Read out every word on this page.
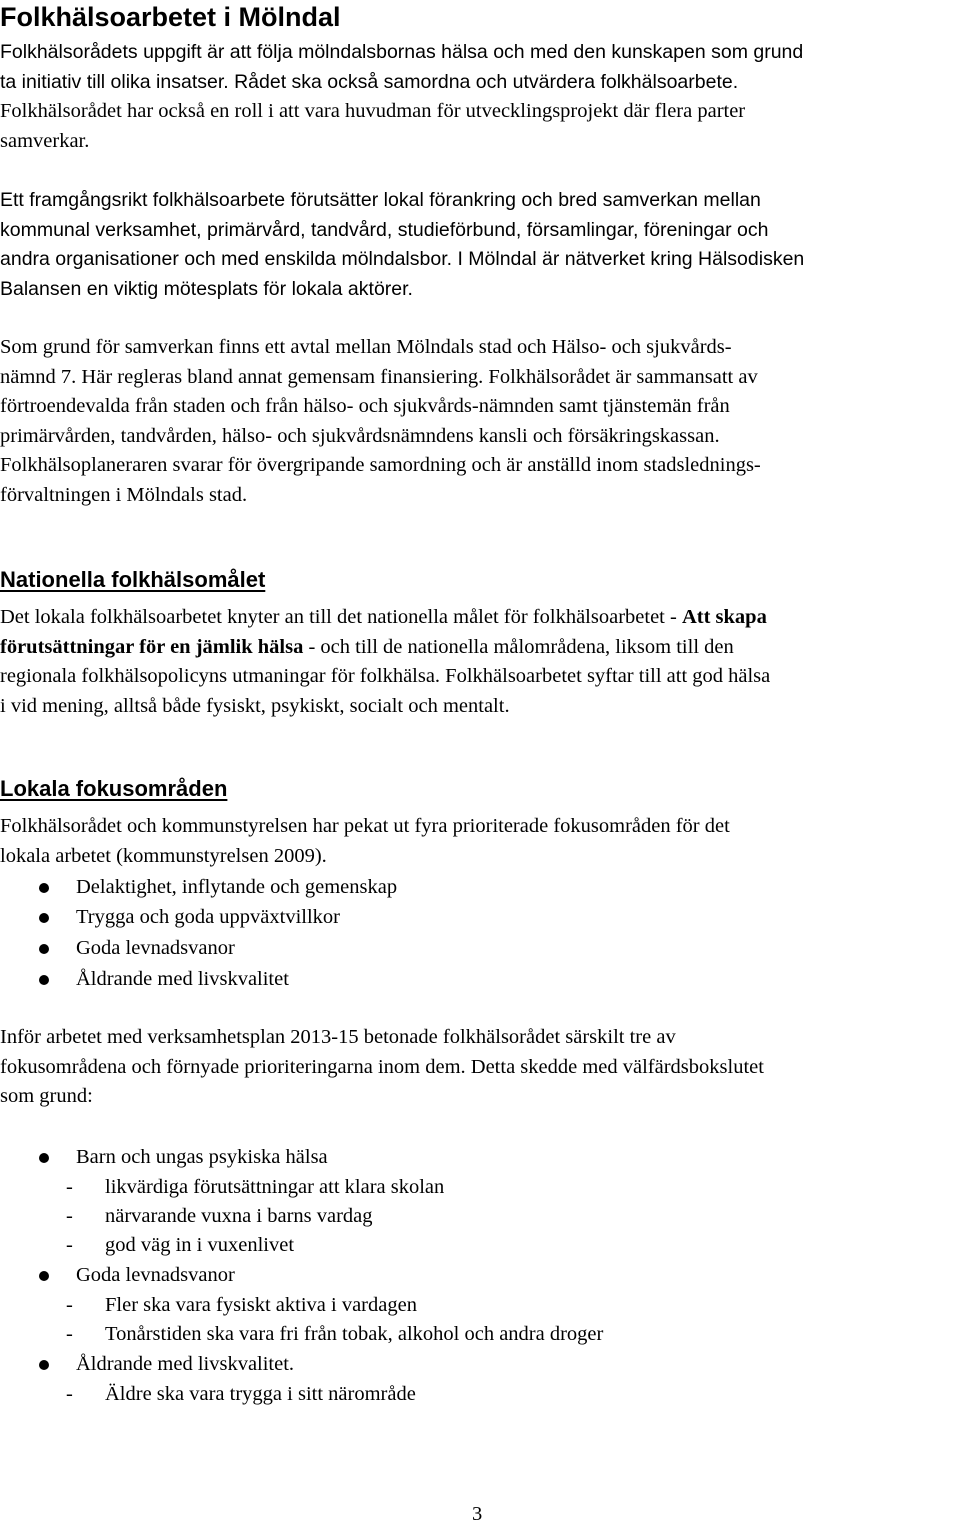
Folkhälsoarbetet i Mölndal
Folkhälsorådets uppgift är att följa mölndalsbornas hälsa och med den kunskapen som grund
ta initiativ till olika insatser. Rådet ska också samordna och utvärdera folkhälsoarbete.
Folkhälsorådet har också en roll i att vara huvudman för utvecklingsprojekt där flera parter
samverkar.
Ett framgångsrikt folkhälsoarbete förutsätter lokal förankring och bred samverkan mellan
kommunal verksamhet, primärvård, tandvård, studieförbund, församlingar, föreningar och
andra organisationer och med enskilda mölndalsbor. I Mölndal är nätverket kring Hälsodisken
Balansen en viktig mötesplats för lokala aktörer.
Som grund för samverkan finns ett avtal mellan Mölndals stad och Hälso- och sjukvårds-
nämnd 7. Här regleras bland annat gemensam finansiering. Folkhälsorådet är sammansatt av
förtroendevalda från staden och från hälso- och sjukvårds-nämnden samt tjänstemän från
primärvården, tandvården, hälso- och sjukvårdsnämndens kansli och försäkringskassan.
Folkhälsoplaneraren svarar för övergripande samordning och är anställd inom stadslednings-
förvaltningen i Mölndals stad.
Nationella folkhälsomålet
Det lokala folkhälsoarbetet knyter an till det nationella målet för folkhälsoarbetet - Att skapa
förutsättningar för en jämlik hälsa - och till de nationella målområdena, liksom till den
regionala folkhälsopolicyns utmaningar för folkhälsa. Folkhälsoarbetet syftar till att god hälsa
i vid mening, alltså både fysiskt, psykiskt, socialt och mentalt.
Lokala fokusområden
Folkhälsorådet och kommunstyrelsen har pekat ut fyra prioriterade fokusområden för det
lokala arbetet (kommunstyrelsen 2009).
Delaktighet, inflytande och gemenskap
Trygga och goda uppväxtvillkor
Goda levnadsvanor
Åldrande med livskvalitet
Inför arbetet med verksamhetsplan 2013-15 betonade folkhälsorådet särskilt tre av
fokusområdena och förnyade prioriteringarna inom dem. Detta skedde med välfärdsbokslutet
som grund:
Barn och ungas psykiska hälsa
- likvärdiga förutsättningar att klara skolan
- närvarande vuxna i barns vardag
- god väg in i vuxenlivet
Goda levnadsvanor
- Fler ska vara fysiskt aktiva i vardagen
- Tonårstiden ska vara fri från tobak, alkohol och andra droger
Åldrande med livskvalitet.
- Äldre ska vara trygga i sitt närområde
3
